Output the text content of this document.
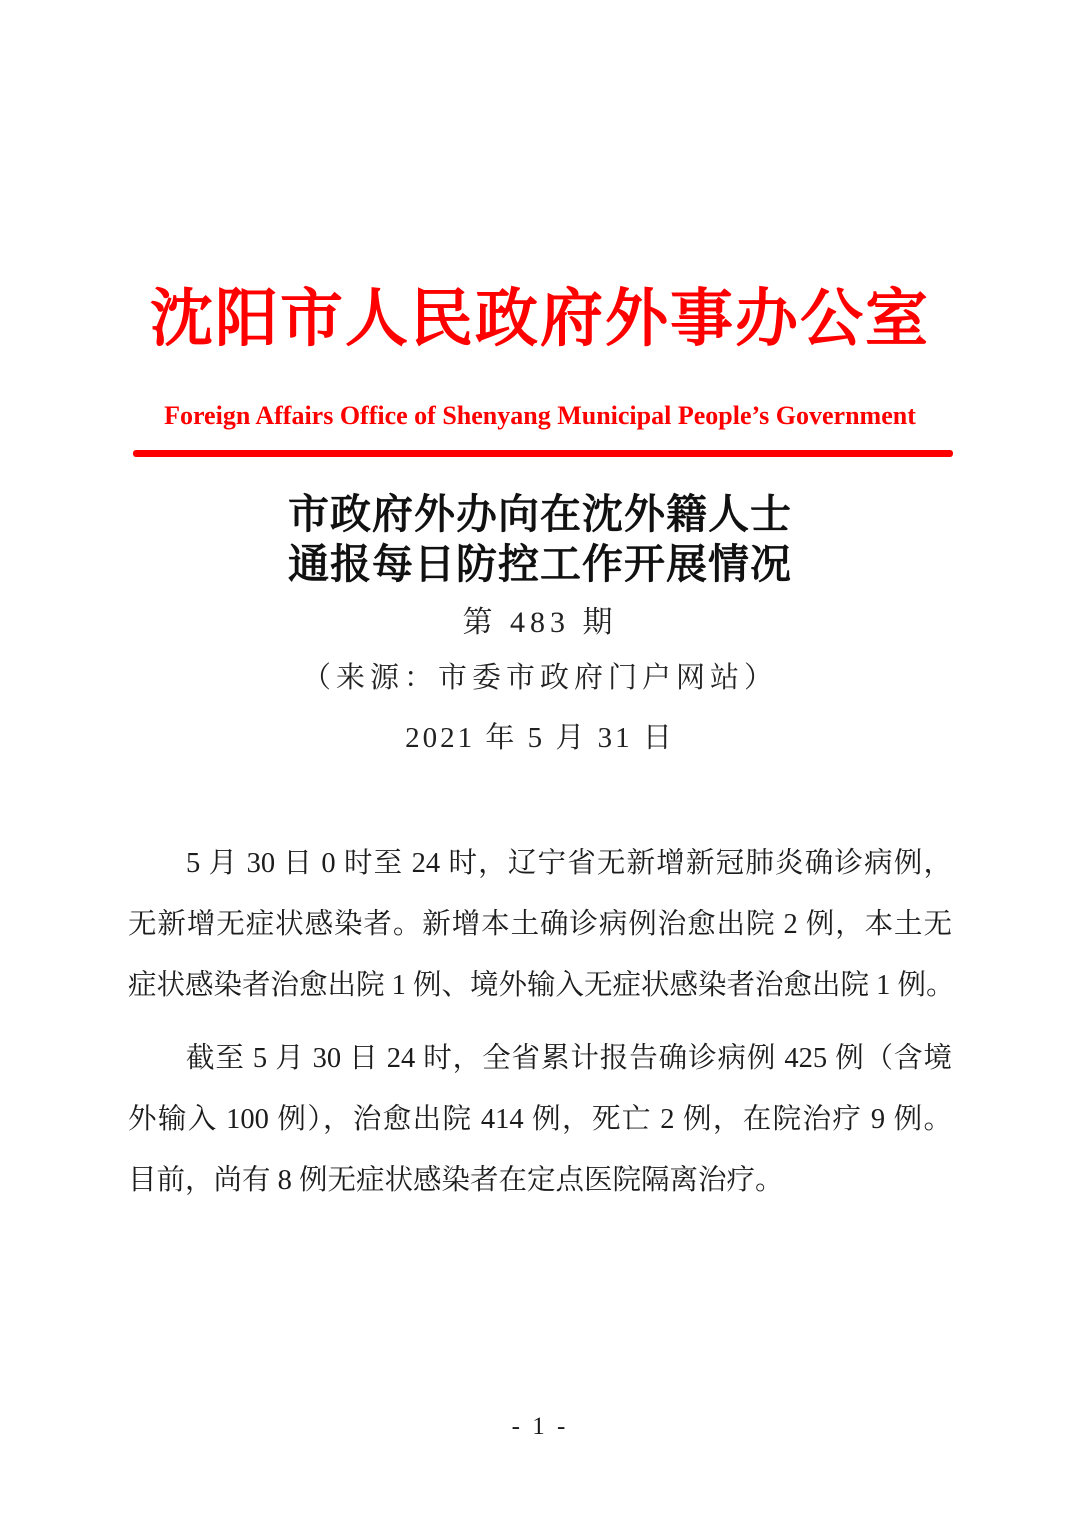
沈阳市人民政府外事办公室
Foreign Affairs Office of Shenyang Municipal People’s Government
市政府外办向在沈外籍人士
通报每日防控工作开展情况
第 483 期
（来源：市委市政府门户网站）
2021 年 5 月 31 日
5 月 30 日 0 时至 24 时，辽宁省无新增新冠肺炎确诊病例，
无新增无症状感染者。新增本土确诊病例治愈出院 2 例，本土无
症状感染者治愈出院 1 例、境外输入无症状感染者治愈出院 1 例。
截至 5 月 30 日 24 时，全省累计报告确诊病例 425 例（含境
外输入 100 例），治愈出院 414 例，死亡 2 例，在院治疗 9 例。
目前，尚有 8 例无症状感染者在定点医院隔离治疗。
- 1 -
